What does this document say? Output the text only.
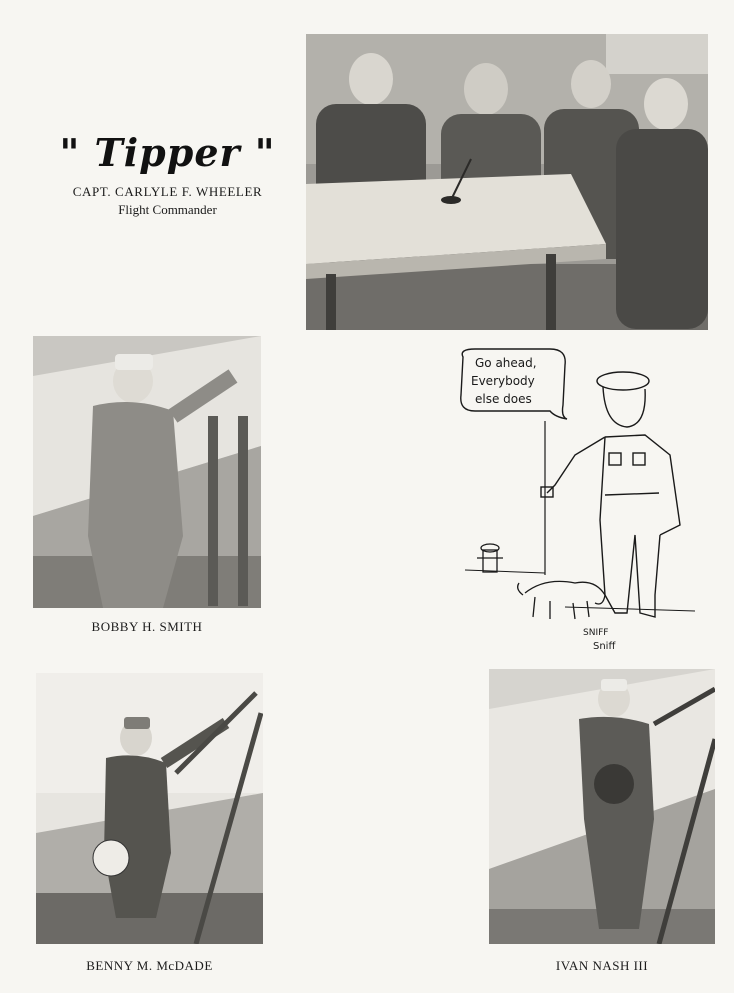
" Tipper "
CAPT. CARLYLE F. WHEELER
Flight Commander
BOBBY H. SMITH
Go ahead,
Everybody
else does
SNIFF
Sniff
BENNY M. McDADE	IVAN NASH III
